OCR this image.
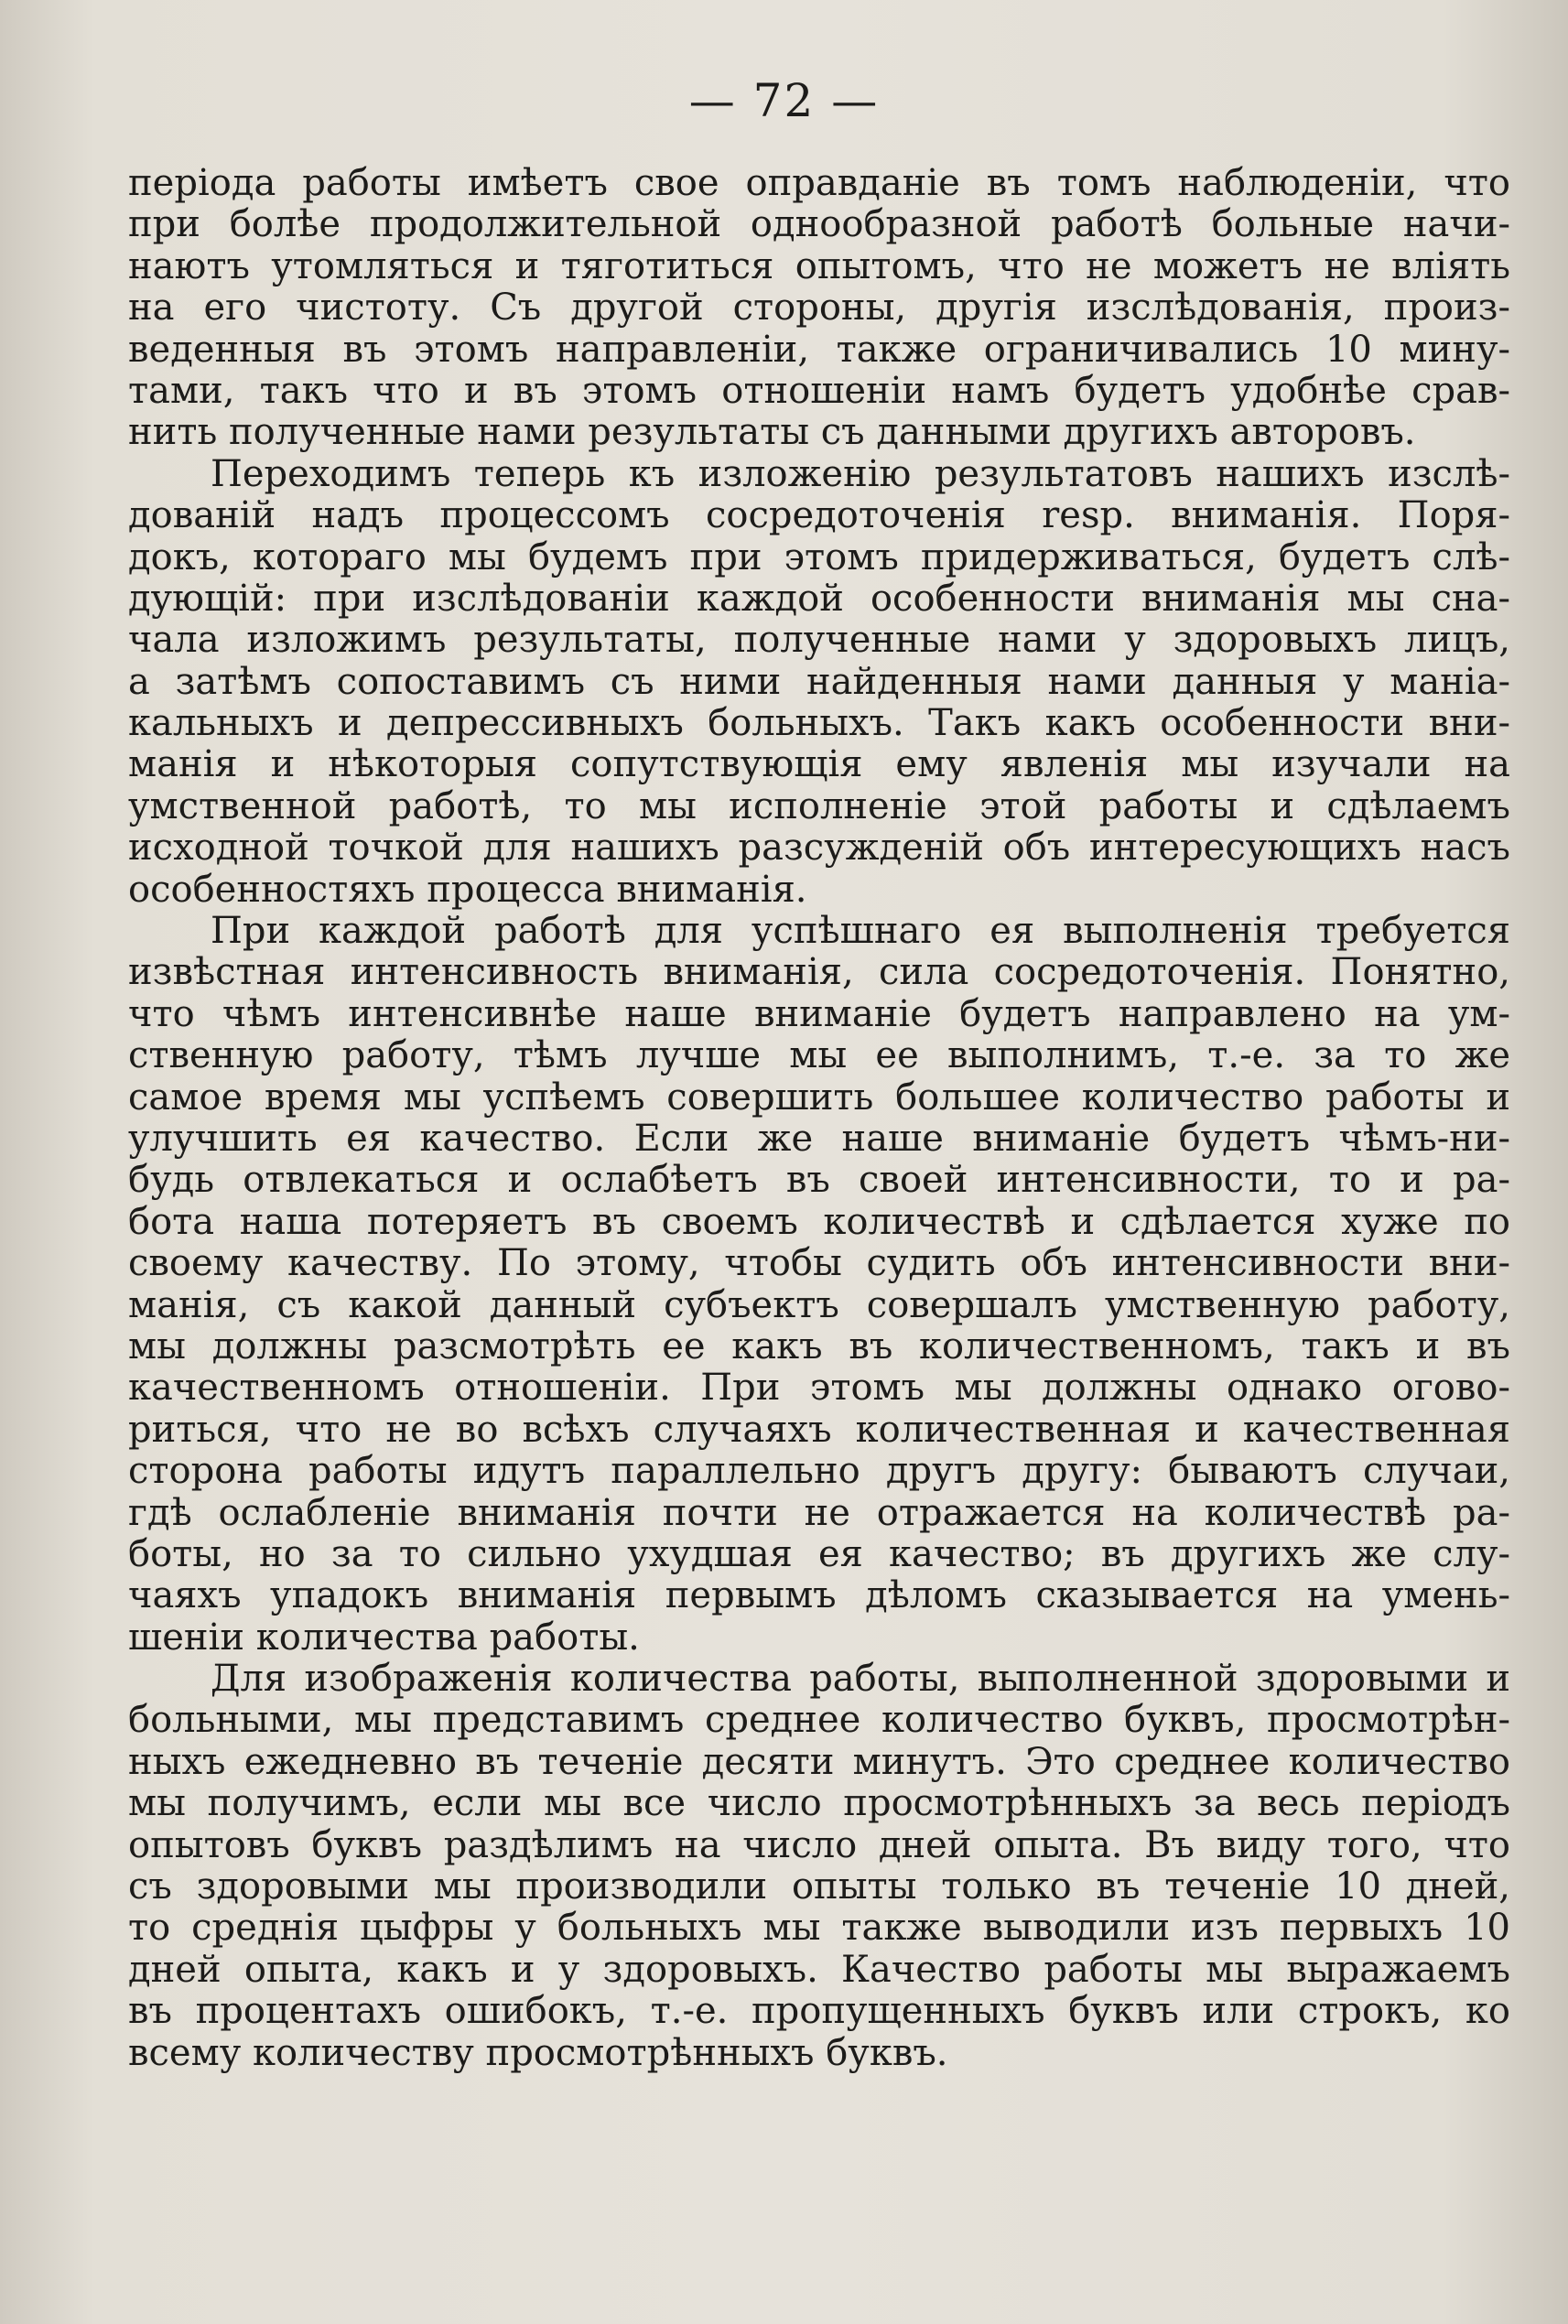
— 72 —
періода работы имѣетъ свое оправданіе въ томъ наблюденіи, что
при болѣе продолжительной однообразной работѣ больные начи-
наютъ утомляться и тяготиться опытомъ, что не можетъ не вліять
на его чистоту. Съ другой стороны, другія изслѣдованія, произ-
веденныя въ этомъ направленіи, также ограничивались 10 мину-
тами, такъ что и въ этомъ отношеніи намъ будетъ удобнѣе срав-
нить полученные нами результаты съ данными другихъ авторовъ.
Переходимъ теперь къ изложенію результатовъ нашихъ изслѣ-
дованій надъ процессомъ сосредоточенія resp. вниманія. Поря-
докъ, котораго мы будемъ при этомъ придерживаться, будетъ слѣ-
дующій: при изслѣдованіи каждой особенности вниманія мы сна-
чала изложимъ результаты, полученные нами у здоровыхъ лицъ,
а затѣмъ сопоставимъ съ ними найденныя нами данныя у маніа-
кальныхъ и депрессивныхъ больныхъ. Такъ какъ особенности вни-
манія и нѣкоторыя сопутствующія ему явленія мы изучали на
умственной работѣ, то мы исполненіе этой работы и сдѣлаемъ
исходной точкой для нашихъ разсужденій объ интересующихъ насъ
особенностяхъ процесса вниманія.
При каждой работѣ для успѣшнаго ея выполненія требуется
извѣстная интенсивность вниманія, сила сосредоточенія. Понятно,
что чѣмъ интенсивнѣе наше вниманіе будетъ направлено на ум-
ственную работу, тѣмъ лучше мы ее выполнимъ, т.-е. за то же
самое время мы успѣемъ совершить большее количество работы и
улучшить ея качество. Если же наше вниманіе будетъ чѣмъ-ни-
будь отвлекаться и ослабѣетъ въ своей интенсивности, то и ра-
бота наша потеряетъ въ своемъ количествѣ и сдѣлается хуже по
своему качеству. По этому, чтобы судить объ интенсивности вни-
манія, съ какой данный субъектъ совершалъ умственную работу,
мы должны разсмотрѣть ее какъ въ количественномъ, такъ и въ
качественномъ отношеніи. При этомъ мы должны однако огово-
риться, что не во всѣхъ случаяхъ количественная и качественная
сторона работы идутъ параллельно другъ другу: бываютъ случаи,
гдѣ ослабленіе вниманія почти не отражается на количествѣ ра-
боты, но за то сильно ухудшая ея качество; въ другихъ же слу-
чаяхъ упадокъ вниманія первымъ дѣломъ сказывается на умень-
шеніи количества работы.
Для изображенія количества работы, выполненной здоровыми и
больными, мы представимъ среднее количество буквъ, просмотрѣн-
ныхъ ежедневно въ теченіе десяти минутъ. Это среднее количество
мы получимъ, если мы все число просмотрѣнныхъ за весь періодъ
опытовъ буквъ раздѣлимъ на число дней опыта. Въ виду того, что
съ здоровыми мы производили опыты только въ теченіе 10 дней,
то среднія цыфры у больныхъ мы также выводили изъ первыхъ 10
дней опыта, какъ и у здоровыхъ. Качество работы мы выражаемъ
въ процентахъ ошибокъ, т.-е. пропущенныхъ буквъ или строкъ, ко
всему количеству просмотрѣнныхъ буквъ.
